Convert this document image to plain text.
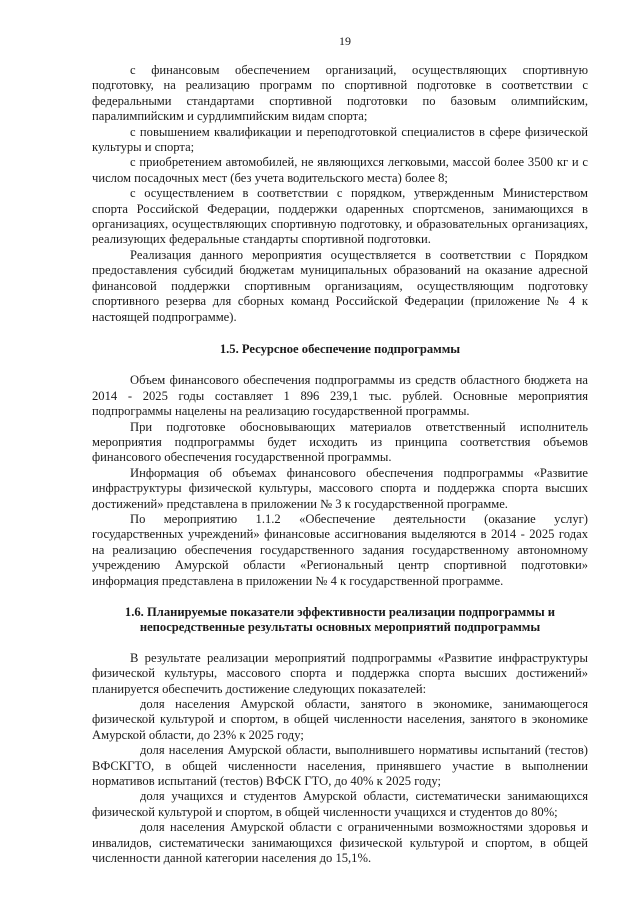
19

с финансовым обеспечением организаций, осуществляющих спортивную подготовку, на реализацию программ по спортивной подготовке в соответствии с федеральными стандартами спортивной подготовки по базовым олимпийским, паралимпийским и сурдлимпийским видам спорта;

с повышением квалификации и переподготовкой специалистов в сфере физической культуры и спорта;

с приобретением автомобилей, не являющихся легковыми, массой более 3500 кг и с числом посадочных мест (без учета водительского места) более 8;

с осуществлением в соответствии с порядком, утвержденным Министерством спорта Российской Федерации, поддержки одаренных спортсменов, занимающихся в организациях, осуществляющих спортивную подготовку, и образовательных организациях, реализующих федеральные стандарты спортивной подготовки.

Реализация данного мероприятия осуществляется в соответствии с Порядком предоставления субсидий бюджетам муниципальных образований на оказание адресной финансовой поддержки спортивным организациям, осуществляющим подготовку спортивного резерва для сборных команд Российской Федерации (приложение № 4 к настоящей подпрограмме).

1.5. Ресурсное обеспечение подпрограммы

Объем финансового обеспечения подпрограммы из средств областного бюджета на 2014 - 2025 годы составляет 1 896 239,1 тыс. рублей. Основные мероприятия подпрограммы нацелены на реализацию государственной программы.

При подготовке обосновывающих материалов ответственный исполнитель мероприятия подпрограммы будет исходить из принципа соответствия объемов финансового обеспечения государственной программы.

Информация об объемах финансового обеспечения подпрограммы «Развитие инфраструктуры физической культуры, массового спорта и поддержка спорта высших достижений» представлена в приложении № 3 к государственной программе.

По мероприятию 1.1.2 «Обеспечение деятельности (оказание услуг) государственных учреждений» финансовые ассигнования выделяются в 2014 - 2025 годах на реализацию обеспечения государственного задания государственному автономному учреждению Амурской области «Региональный центр спортивной подготовки» информация представлена в приложении № 4 к государственной программе.

1.6. Планируемые показатели эффективности реализации подпрограммы и

непосредственные результаты основных мероприятий подпрограммы

В результате реализации мероприятий подпрограммы «Развитие инфраструктуры физической культуры, массового спорта и поддержка спорта высших достижений» планируется обеспечить достижение следующих показателей:

доля населения Амурской области, занятого в экономике, занимающегося физической культурой и спортом, в общей численности населения, занятого в экономике Амурской области, до 23% к 2025 году;

доля населения Амурской области, выполнившего нормативы испытаний (тестов) ВФСКГТО, в общей численности населения, принявшего участие в выполнении нормативов испытаний (тестов) ВФСК ГТО, до 40% к 2025 году;

доля учащихся и студентов Амурской области, систематически занимающихся физической культурой и спортом, в общей численности учащихся и студентов до 80%;

доля населения Амурской области с ограниченными возможностями здоровья и инвалидов, систематически занимающихся физической культурой и спортом, в общей численности данной категории населения до 15,1%.
